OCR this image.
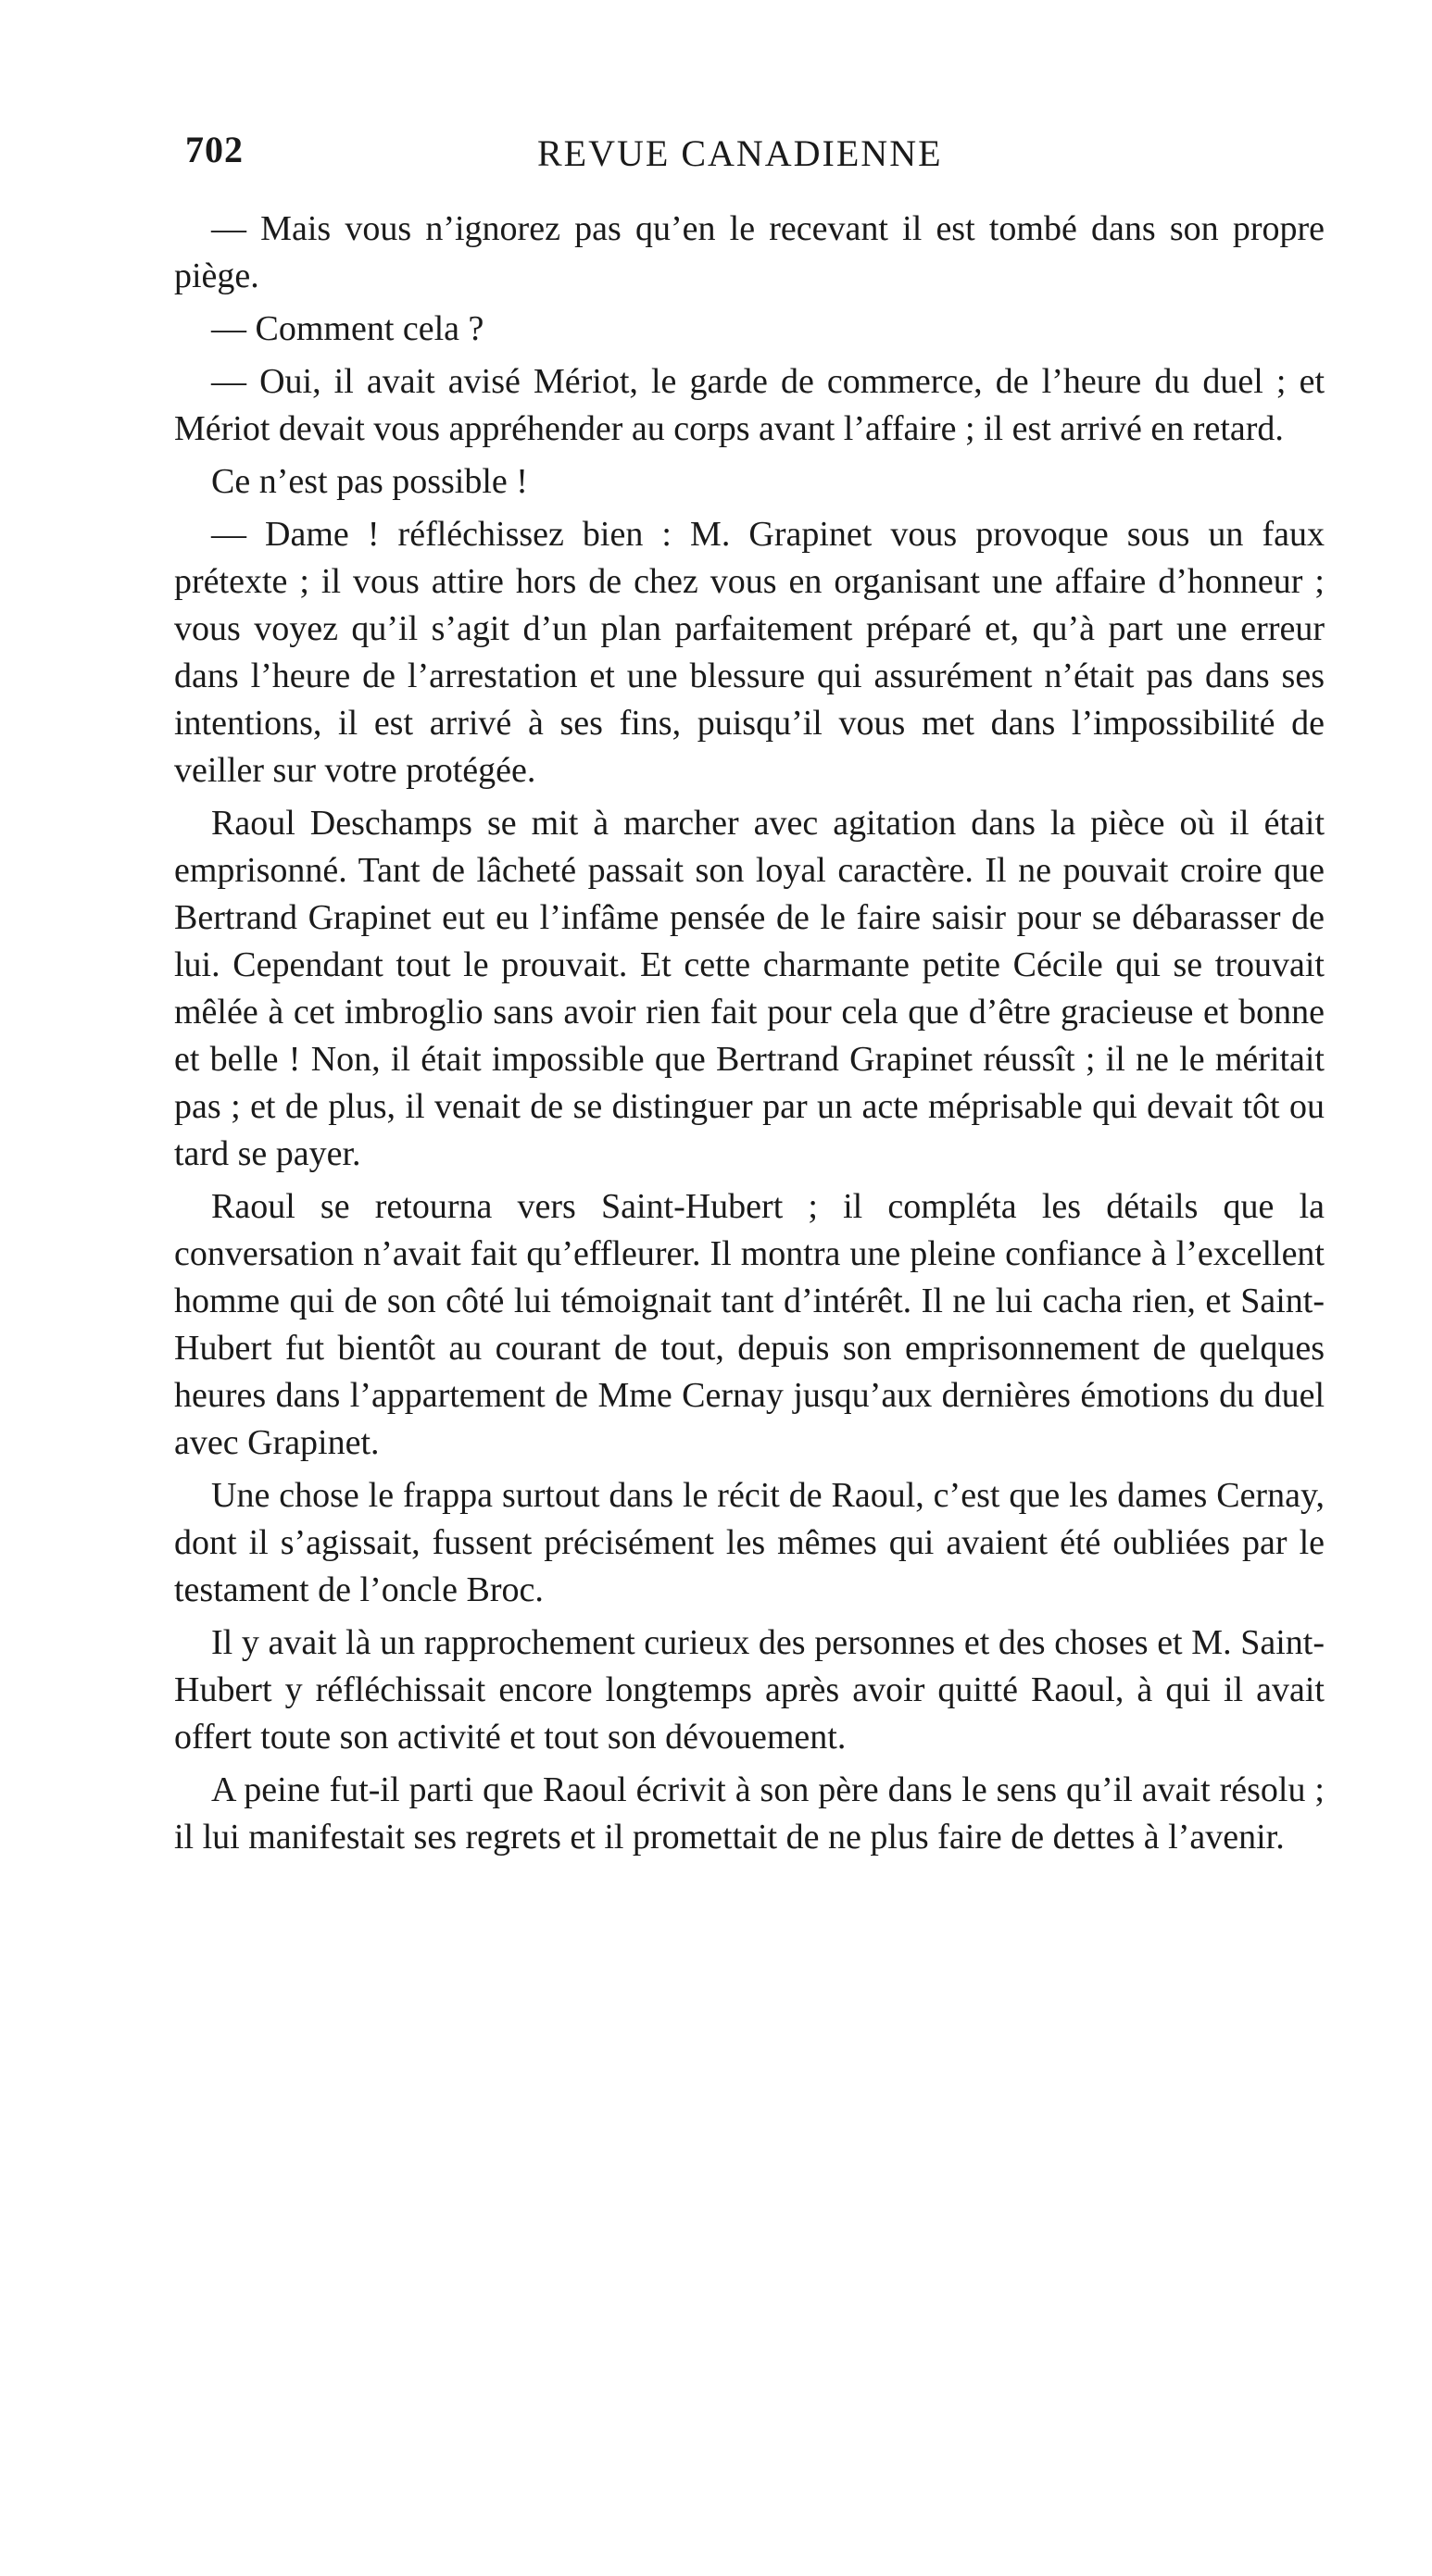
702	REVUE CANADIENNE

— Mais vous n’ignorez pas qu’en le recevant il est tombé dans son propre piège.

— Comment cela ?

— Oui, il avait avisé Mériot, le garde de commerce, de l’heure du duel ; et Mériot devait vous appréhender au corps avant l’affaire ; il est arrivé en retard.

Ce n’est pas possible !

— Dame ! réfléchissez bien : M. Grapinet vous provoque sous un faux prétexte ; il vous attire hors de chez vous en organisant une affaire d’honneur ; vous voyez qu’il s’agit d’un plan parfaitement préparé et, qu’à part une erreur dans l’heure de l’arrestation et une blessure qui assurément n’était pas dans ses intentions, il est arrivé à ses fins, puisqu’il vous met dans l’impossibilité de veiller sur votre protégée.

Raoul Deschamps se mit à marcher avec agitation dans la pièce où il était emprisonné. Tant de lâcheté passait son loyal caractère. Il ne pouvait croire que Bertrand Grapinet eut eu l’infâme pensée de le faire saisir pour se débarasser de lui. Cependant tout le prouvait. Et cette charmante petite Cécile qui se trouvait mêlée à cet imbroglio sans avoir rien fait pour cela que d’être gracieuse et bonne et belle ! Non, il était impossible que Bertrand Grapinet réussît ; il ne le méritait pas ; et de plus, il venait de se distinguer par un acte méprisable qui devait tôt ou tard se payer.

Raoul se retourna vers Saint-Hubert ; il compléta les détails que la conversation n’avait fait qu’effleurer. Il montra une pleine confiance à l’excellent homme qui de son côté lui témoignait tant d’intérêt. Il ne lui cacha rien, et Saint-Hubert fut bientôt au courant de tout, depuis son emprisonnement de quelques heures dans l’appartement de Mme Cernay jusqu’aux dernières émotions du duel avec Grapinet.

Une chose le frappa surtout dans le récit de Raoul, c’est que les dames Cernay, dont il s’agissait, fussent précisément les mêmes qui avaient été oubliées par le testament de l’oncle Broc.

Il y avait là un rapprochement curieux des personnes et des choses et M. Saint-Hubert y réfléchissait encore longtemps après avoir quitté Raoul, à qui il avait offert toute son activité et tout son dévouement.

A peine fut-il parti que Raoul écrivit à son père dans le sens qu’il avait résolu ; il lui manifestait ses regrets et il promettait de ne plus faire de dettes à l’avenir.
